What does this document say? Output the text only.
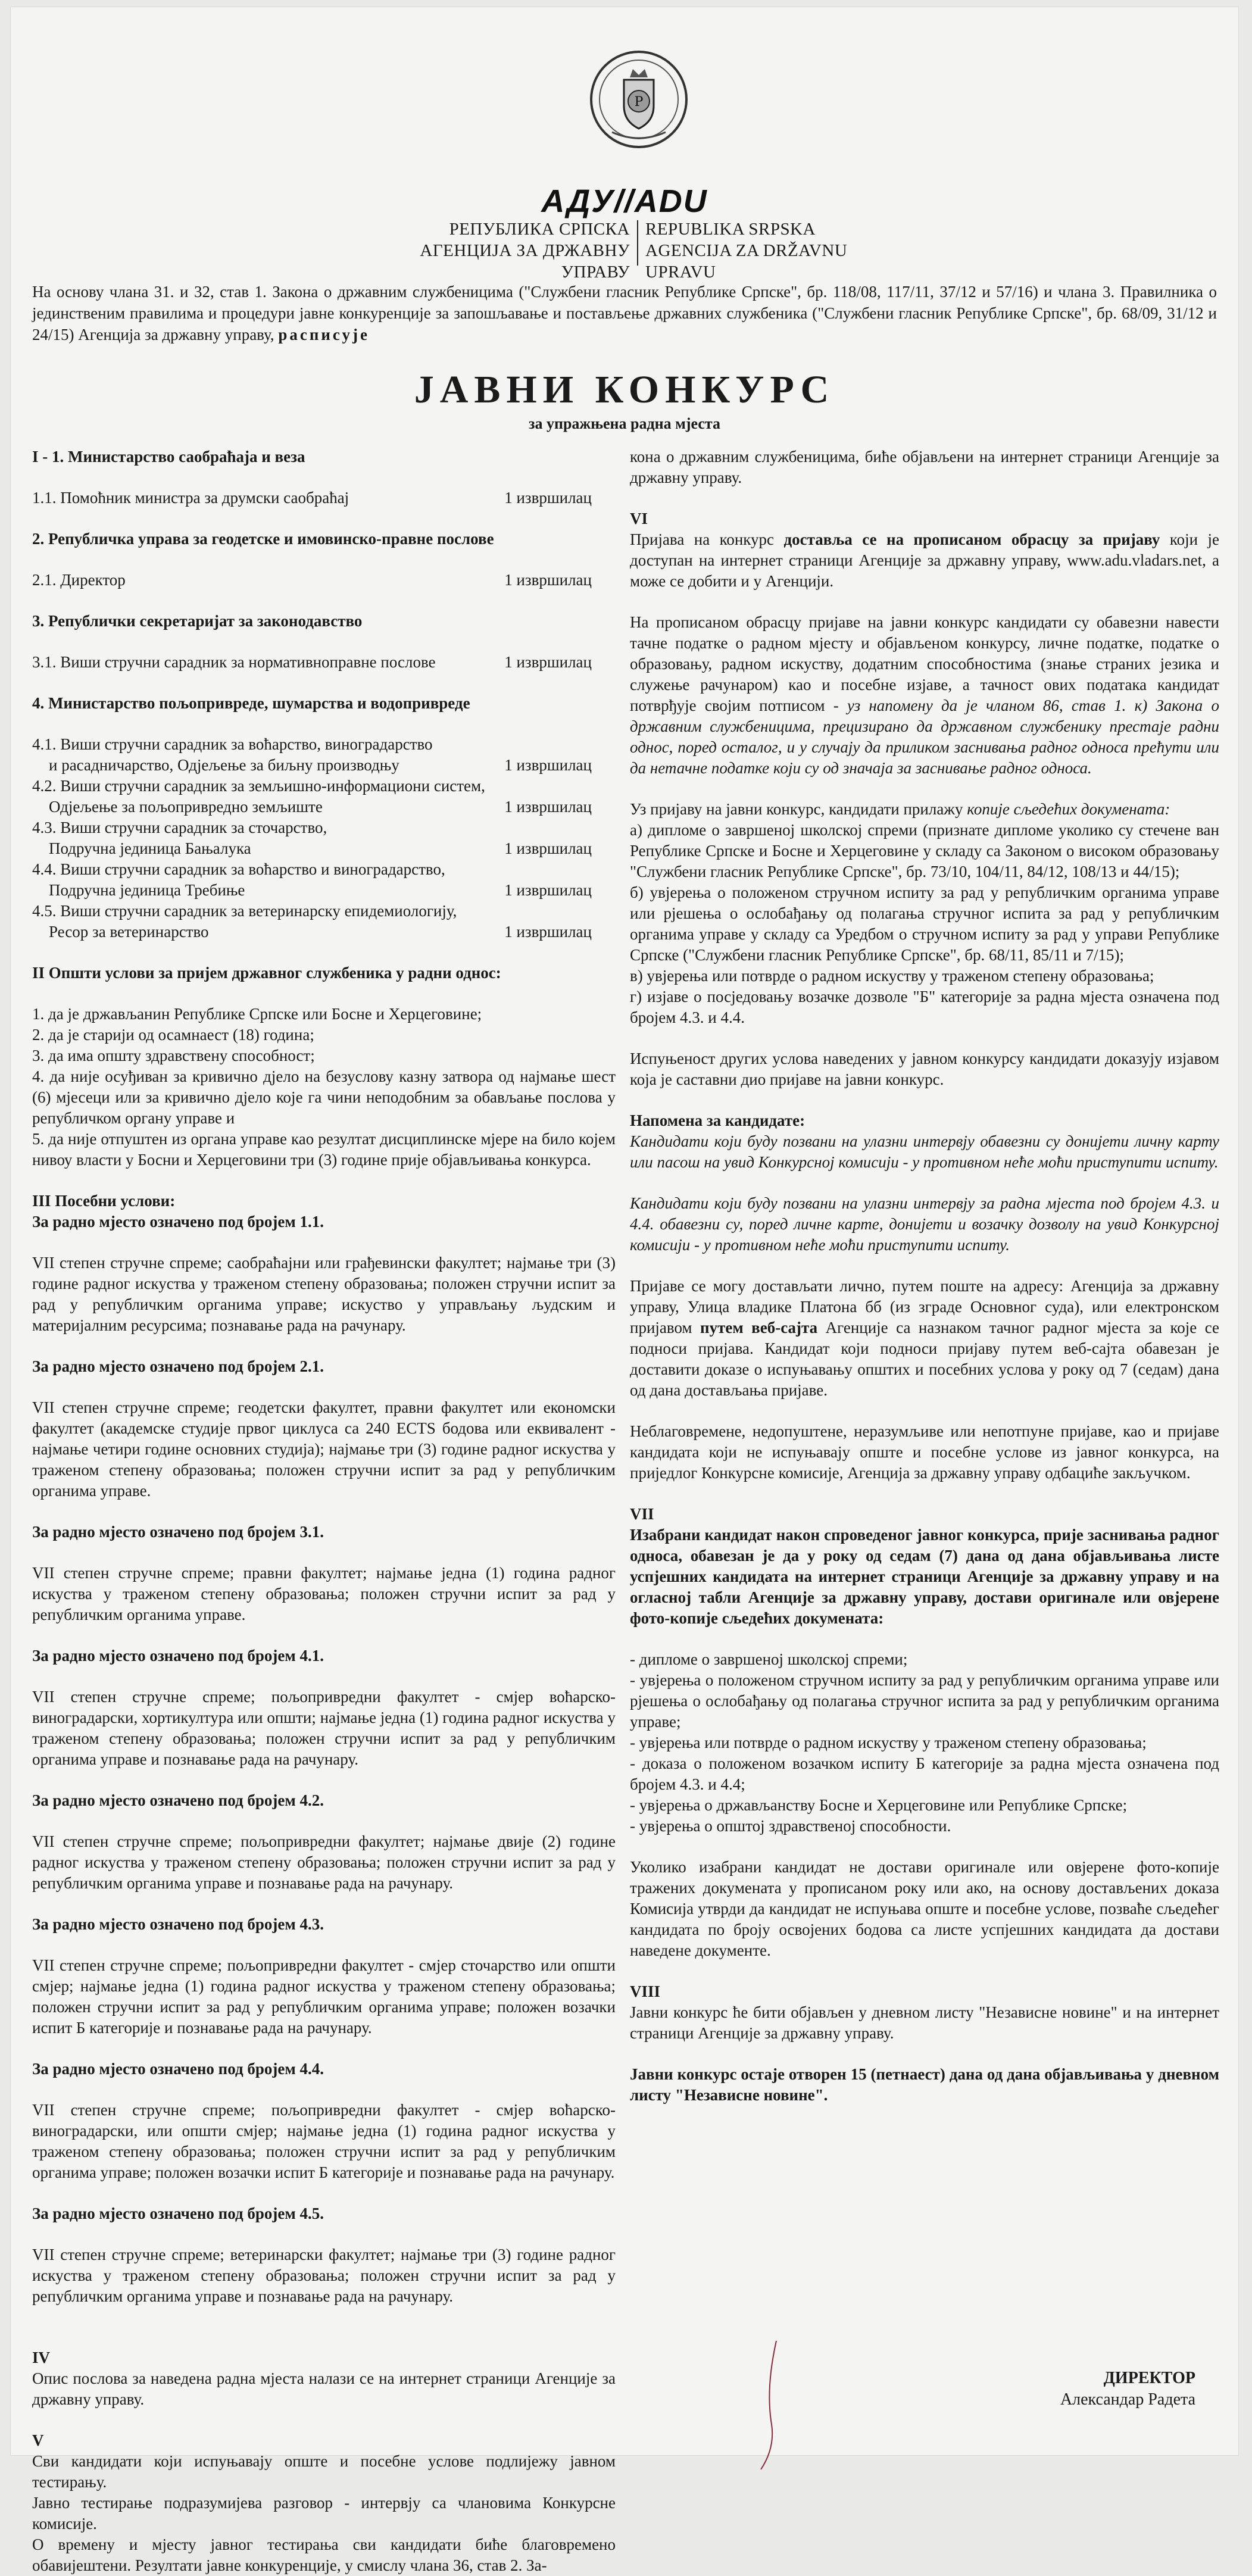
Р
АДУ//ADU
РЕПУБЛИКА СРПСКА
АГЕНЦИЈА ЗА ДРЖАВНУ УПРАВУ
REPUBLIKA SRPSKA
AGENCIJA ZA DRŽAVNU UPRAVU
На основу члана 31. и 32, став 1. Закона о државним службеницима ("Службени гласник Републике Српске", бр. 118/08, 117/11, 37/12 и 57/16) и члана 3. Правилника о јединственим правилима и процедури јавне конкуренције за запошљавање и постављење државних службеника ("Службени гласник Републике Српске", бр. 68/09, 31/12 и 24/15) Агенција за државну управу, расписује
ЈАВНИ КОНКУРС
за упражњена радна мјеста
I - 1. Министарство саобраћаја и веза
1.1. Помоћник министра за друмски саобраћај	1 извршилац
2. Републичка управа за геодетске и имовинско-правне послове
2.1. Директор	1 извршилац
3. Републички секретаријат за законодавство
3.1. Виши стручни сарадник за нормативноправне послове	1 извршилац
4. Министарство пољопривреде, шумарства и водопривреде
4.1. Виши стручни сарадник за воћарство, виноградарство
и расадничарство, Одјељење за биљну производњу	1 извршилац
4.2. Виши стручни сарадник за земљишно-информациони систем,
Одјељење за пољопривредно земљиште	1 извршилац
4.3. Виши стручни сарадник за сточарство,
Подручна јединица Бањалука	1 извршилац
4.4. Виши стручни сарадник за воћарство и виноградарство,
Подручна јединица Требиње	1 извршилац
4.5. Виши стручни сарадник за ветеринарску епидемиологију,
Ресор за ветеринарство	1 извршилац
II Општи услови за пријем државног службеника у радни однос:
1. да је држављанин Републике Српске или Босне и Херцеговине;
2. да је старији од осамнаест (18) година;
3. да има општу здравствену способност;
4. да није осуђиван за кривично дјело на безуслову казну затвора од најмање шест (6) мјесеци или за кривично дјело које га чини неподобним за обављање послова у републичком органу управе и
5. да није отпуштен из органа управе као резултат дисциплинске мјере на било којем нивоу власти у Босни и Херцеговини три (3) године прије објављивања конкурса.
III Посебни услови:

За радно мјесто означено под бројем 1.1.

VII степен стручне спреме; саобраћајни или грађевински факултет; најмање три (3) године радног искуства у траженом степену образовања; положен стручни испит за рад у републичким органима управе; искуство у управљању људским и материјалним ресурсима; познавање рада на рачунару.

За радно мјесто означено под бројем 2.1.

VII степен стручне спреме; геодетски факултет, правни факултет или економски факултет (академске студије првог циклуса са 240 ЕCTS бодова или еквивалент - најмање четири године основних студија); најмање три (3) године радног искуства у траженом степену образовања; положен стручни испит за рад у републичким органима управе.

За радно мјесто означено под бројем 3.1.

VII степен стручне спреме; правни факултет; најмање једна (1) година радног искуства у траженом степену образовања; положен стручни испит за рад у републичким органима управе.

За радно мјесто означено под бројем 4.1.

VII степен стручне спреме; пољопривредни факултет - смјер воћарско-виноградарски, хортикултура или општи; најмање једна (1) година радног искуства у траженом степену образовања; положен стручни испит за рад у републичким органима управе и познавање рада на рачунару.

За радно мјесто означено под бројем 4.2.

VII степен стручне спреме; пољопривредни факултет; најмање двије (2) године радног искуства у траженом степену образовања; положен стручни испит за рад у републичким органима управе и познавање рада на рачунару.

За радно мјесто означено под бројем 4.3.

VII степен стручне спреме; пољопривредни факултет - смјер сточарство или општи смјер; најмање једна (1) година радног искуства у траженом степену образовања; положен стручни испит за рад у републичким органима управе; положен возачки испит Б категорије и познавање рада на рачунару.

За радно мјесто означено под бројем 4.4.

VII степен стручне спреме; пољопривредни факултет - смјер воћарско-виноградарски, или општи смјер; најмање једна (1) година радног искуства у траженом степену образовања; положен стручни испит за рад у републичким органима управе; положен возачки испит Б категорије и познавање рада на рачунару.

За радно мјесто означено под бројем 4.5.

VII степен стручне спреме; ветеринарски факултет; најмање три (3) године радног искуства у траженом степену образовања; положен стручни испит за рад у републичким органима управе и познавање рада на рачунару.

IV

Опис послова за наведена радна мјеста налази се на интернет страници Агенције за државну управу.

V

Сви кандидати који испуњавају опште и посебне услове подлијежу јавном тестирању.

Јавно тестирање подразумијева разговор - интервју са члановима Конкурсне комисије.

О времену и мјесту јавног тестирања сви кандидати биће благовремено обавијештени. Резултати јавне конкуренције, у смислу члана 36, став 2. За-

кона о државним службеницима, биће објављени на интернет страници Агенције за државну управу.

VI

Пријава на конкурс доставља се на прописаном обрасцу за пријаву који је доступан на интернет страници Агенције за државну управу, www.adu.vladars.net, а може се добити и у Агенцији.

На прописаном обрасцу пријаве на јавни конкурс кандидати су обавезни навести тачне податке о радном мјесту и објављеном конкурсу, личне податке, податке о образовању, радном искуству, додатним способностима (знање страних језика и служење рачунаром) као и посебне изјаве, а тачност ових података кандидат потврђује својим потписом - уз напомену да је чланом 86, став 1. к) Закона о државним службеницима, прецизирано да државном службенику престаје радни однос, поред осталог, и у случају да приликом заснивања радног односа прећути или да нетачне податке који су од значаја за заснивање радног односа.

Уз пријаву на јавни конкурс, кандидати прилажу копије сљедећих докумената:

а) дипломе о завршеној школској спреми (признате дипломе уколико су стечене ван Републике Српске и Босне и Херцеговине у складу са Законом о високом образовању "Службени гласник Републике Српске", бр. 73/10, 104/11, 84/12, 108/13 и 44/15);
б) увјерења о положеном стручном испиту за рад у републичким органима управе или рјешења о ослобађању од полагања стручног испита за рад у републичким органима управе у складу са Уредбом о стручном испиту за рад у управи Републике Српске ("Службени гласник Републике Српске", бр. 68/11, 85/11 и 7/15);
в) увјерења или потврде о радном искуству у траженом степену образовања;
г) изјаве о посједовању возачке дозволе "Б" категорије за радна мјеста означена под бројем 4.3. и 4.4.

Испуњеност других услова наведених у јавном конкурсу кандидати доказују изјавом која је саставни дио пријаве на јавни конкурс.

Напомена за кандидате:

Кандидати који буду позвани на улазни интервју обавезни су донијети личну карту или пасош на увид Конкурсној комисији - у противном неће моћи приступити испиту.

Кандидати који буду позвани на улазни интервју за радна мјеста под бројем 4.3. и 4.4. обавезни су, поред личне карте, донијети и возачку дозволу на увид Конкурсној комисији - у противном неће моћи приступити испиту.

Пријаве се могу достављати лично, путем поште на адресу: Агенција за државну управу, Улица владике Платона бб (из зграде Основног суда), или електронском пријавом путем веб-сајта Агенције са назнаком тачног радног мјеста за које се подноси пријава. Кандидат који подноси пријаву путем веб-сајта обавезан је доставити доказе о испуњавању општих и посебних услова у року од 7 (седам) дана од дана достављања пријаве.

Неблаговремене, недопуштене, неразумљиве или непотпуне пријаве, као и пријаве кандидата који не испуњавају опште и посебне услове из јавног конкурса, на приједлог Конкурсне комисије, Агенција за државну управу одбациће закључком.

VII

Изабрани кандидат након спроведеног јавног конкурса, прије заснивања радног односа, обавезан је да у року од седам (7) дана од дана објављивања листе успјешних кандидата на интернет страници Агенције за државну управу и на огласној табли Агенције за државну управу, достави оригинале или овјерене фото-копије сљедећих докумената:

- дипломе о завршеној школској спреми;
- увјерења о положеном стручном испиту за рад у републичким органима управе или рјешења о ослобађању од полагања стручног испита за рад у републичким органима управе;
- увјерења или потврде о радном искуству у траженом степену образовања;
- доказа о положеном возачком испиту Б категорије за радна мјеста означена под бројем 4.3. и 4.4;
- увјерења о држављанству Босне и Херцеговине или Републике Српске;
- увјерења о општој здравственој способности.

Уколико изабрани кандидат не достави оригинале или овјерене фото-копије тражених докумената у прописаном року или ако, на основу достављених доказа Комисија утврди да кандидат не испуњава опште и посебне услове, позваће сљедећег кандидата по броју освојених бодова са листе успјешних кандидата да достави наведене документе.

VIII

Јавни конкурс ће бити објављен у дневном листу "Независне новине" и на интернет страници Агенције за државну управу.

Јавни конкурс остаје отворен 15 (петнаест) дана од дана објављивања у дневном листу "Независне новине".

ДИРЕКТОР
Александар Радета
